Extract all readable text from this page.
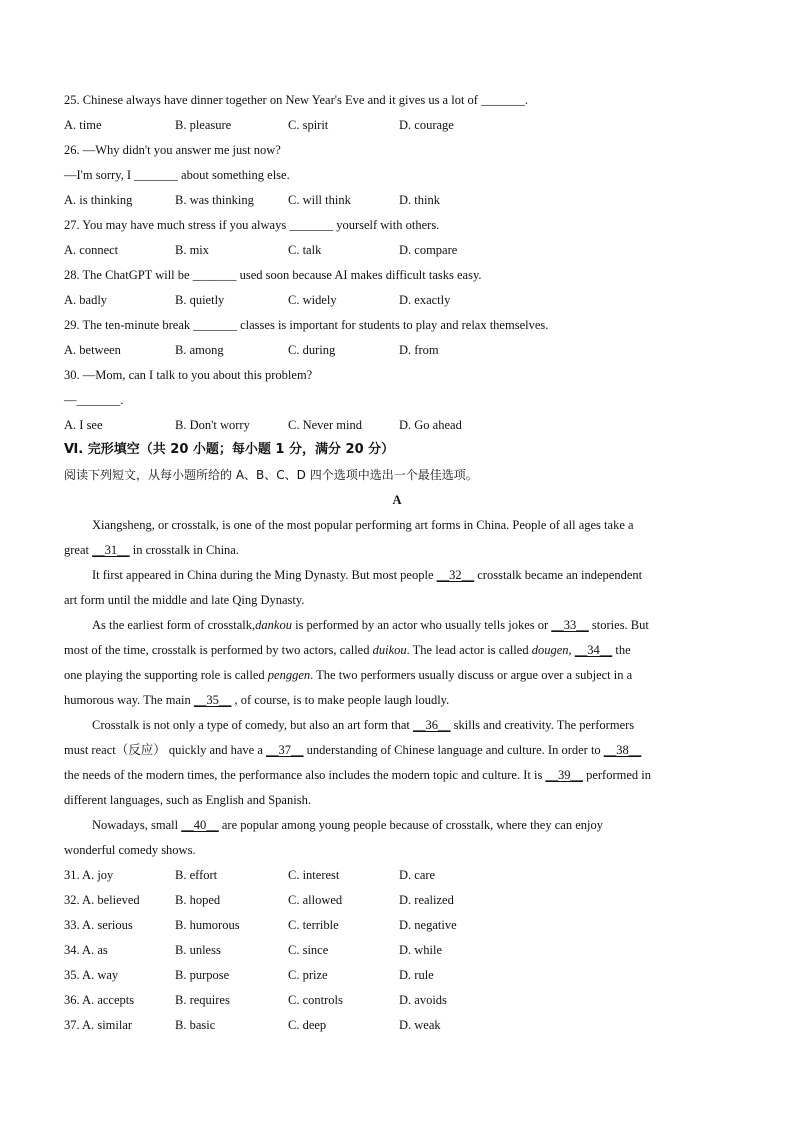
25. Chinese always have dinner together on New Year's Eve and it gives us a lot of _______.
A. time	B. pleasure	C. spirit	D. courage
26. —Why didn't you answer me just now?
—I'm sorry, I _______ about something else.
A. is thinking	B. was thinking	C. will think	D. think
27. You may have much stress if you always _______ yourself with others.
A. connect	B. mix	C. talk	D. compare
28. The ChatGPT will be _______ used soon because AI makes difficult tasks easy.
A. badly	B. quietly	C. widely	D. exactly
29. The ten-minute break _______ classes is important for students to play and relax themselves.
A. between	B. among	C. during	D. from
30. —Mom, can I talk to you about this problem?
—_______.
A. I see	B. Don't worry	C. Never mind	D. Go ahead
Ⅵ. 完形填空（共 20 小题；每小题 1 分，满分 20 分）
阅读下列短文，从每小题所给的 A、B、C、D 四个选项中选出一个最佳选项。
A
Xiangsheng, or crosstalk, is one of the most popular performing art forms in China. People of all ages take a
great __31__ in crosstalk in China.
It first appeared in China during the Ming Dynasty. But most people __32__ crosstalk became an independent
art form until the middle and late Qing Dynasty.
As the earliest form of crosstalk,dankou is performed by an actor who usually tells jokes or __33__ stories. But
most of the time, crosstalk is performed by two actors, called duikou. The lead actor is called dougen, __34__ the
one playing the supporting role is called penggen. The two performers usually discuss or argue over a subject in a
humorous way. The main __35__ , of course, is to make people laugh loudly.
Crosstalk is not only a type of comedy, but also an art form that __36__ skills and creativity. The performers
must react（反应） quickly and have a __37__ understanding of Chinese language and culture. In order to __38__
the needs of the modern times, the performance also includes the modern topic and culture. It is __39__ performed in
different languages, such as English and Spanish.
Nowadays, small __40__ are popular among young people because of crosstalk, where they can enjoy
wonderful comedy shows.
31. A. joy	B. effort	C. interest	D. care
32. A. believed	B. hoped	C. allowed	D. realized
33. A. serious	B. humorous	C. terrible	D. negative
34. A. as	B. unless	C. since	D. while
35. A. way	B. purpose	C. prize	D. rule
36. A. accepts	B. requires	C. controls	D. avoids
37. A. similar	B. basic	C. deep	D. weak
